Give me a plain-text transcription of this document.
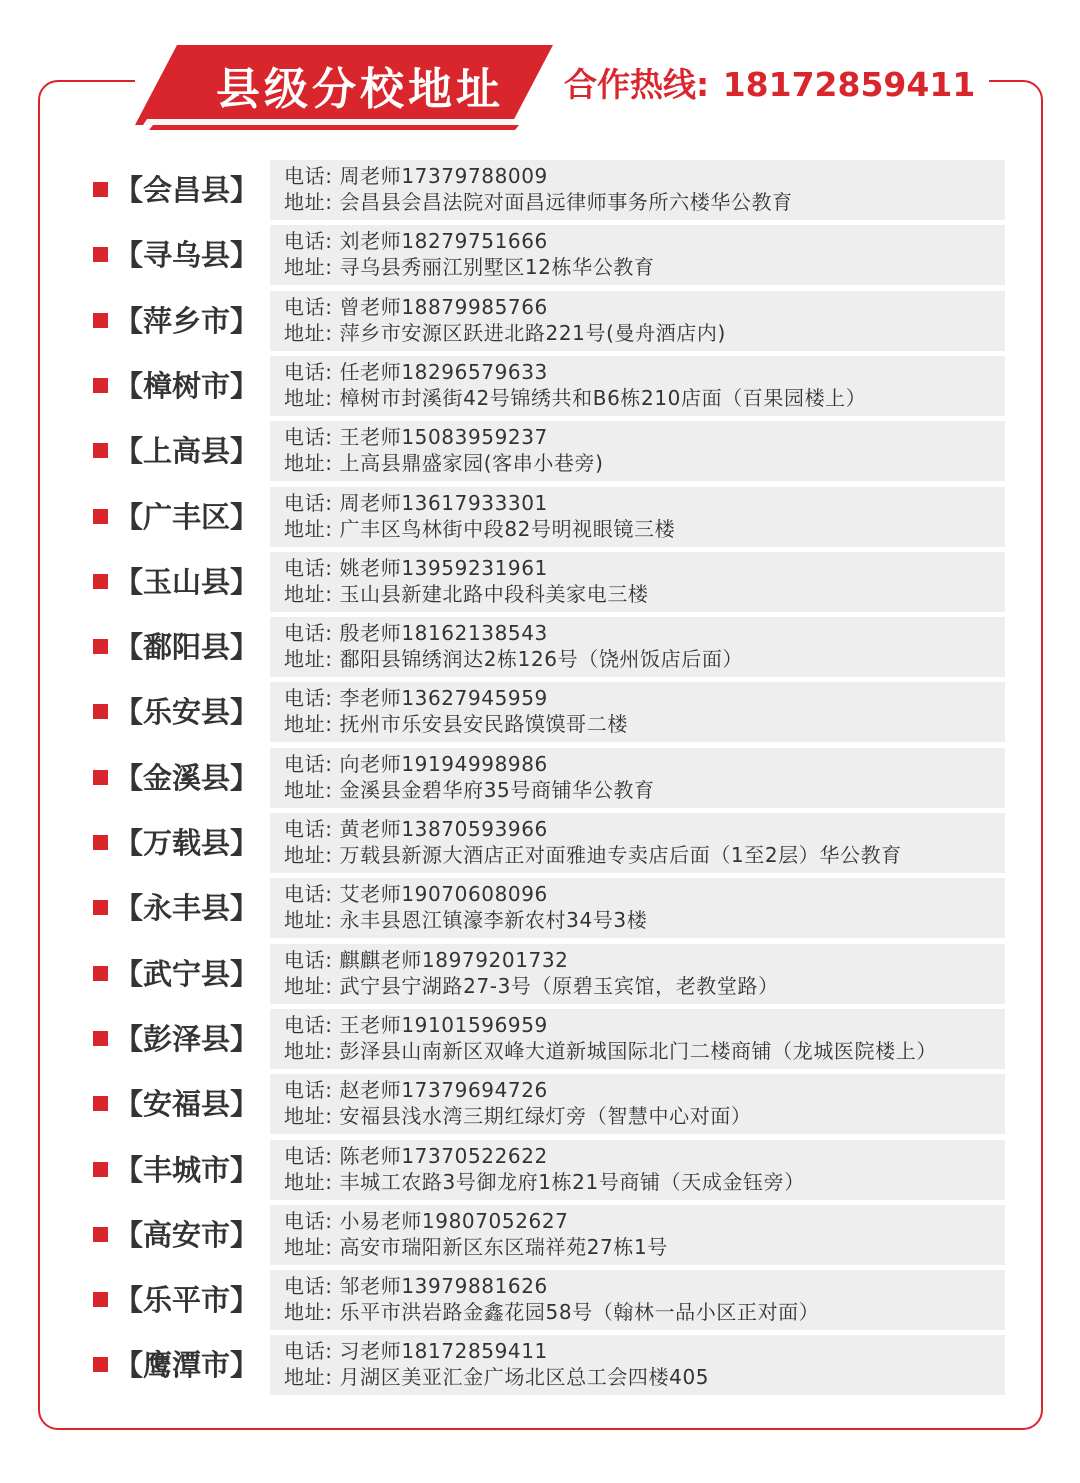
县级分校地址	合作热线: 18172859411
【会昌县】 电话: 周老师17379788009
地址: 会昌县会昌法院对面昌远律师事务所六楼华公教育
【寻乌县】 电话: 刘老师18279751666
地址: 寻乌县秀丽江别墅区12栋华公教育
【萍乡市】 电话: 曾老师18879985766
地址: 萍乡市安源区跃进北路221号(曼舟酒店内)
【樟树市】 电话: 任老师18296579633
地址: 樟树市封溪街42号锦绣共和B6栋210店面（百果园楼上）
【上高县】 电话: 王老师15083959237
地址: 上高县鼎盛家园(客串小巷旁)
【广丰区】 电话: 周老师13617933301
地址: 广丰区鸟林街中段82号明视眼镜三楼
【玉山县】 电话: 姚老师13959231961
地址: 玉山县新建北路中段科美家电三楼
【鄱阳县】 电话: 殷老师18162138543
地址: 鄱阳县锦绣润达2栋126号（饶州饭店后面）
【乐安县】 电话: 李老师13627945959
地址: 抚州市乐安县安民路馍馍哥二楼
【金溪县】 电话: 向老师19194998986
地址: 金溪县金碧华府35号商铺华公教育
【万载县】 电话: 黄老师13870593966
地址: 万载县新源大酒店正对面雅迪专卖店后面（1至2层）华公教育
【永丰县】 电话: 艾老师19070608096
地址: 永丰县恩江镇濠李新农村34号3楼
【武宁县】 电话: 麒麒老师18979201732
地址: 武宁县宁湖路27-3号（原碧玉宾馆，老教堂路）
【彭泽县】 电话: 王老师19101596959
地址: 彭泽县山南新区双峰大道新城国际北门二楼商铺（龙城医院楼上）
【安福县】 电话: 赵老师17379694726
地址: 安福县浅水湾三期红绿灯旁（智慧中心对面）
【丰城市】 电话: 陈老师17370522622
地址: 丰城工农路3号御龙府1栋21号商铺（天成金钰旁）
【高安市】 电话: 小易老师19807052627
地址: 高安市瑞阳新区东区瑞祥苑27栋1号
【乐平市】 电话: 邹老师13979881626
地址: 乐平市洪岩路金鑫花园58号（翰林一品小区正对面）
【鹰潭市】 电话: 习老师18172859411
地址: 月湖区美亚汇金广场北区总工会四楼405
